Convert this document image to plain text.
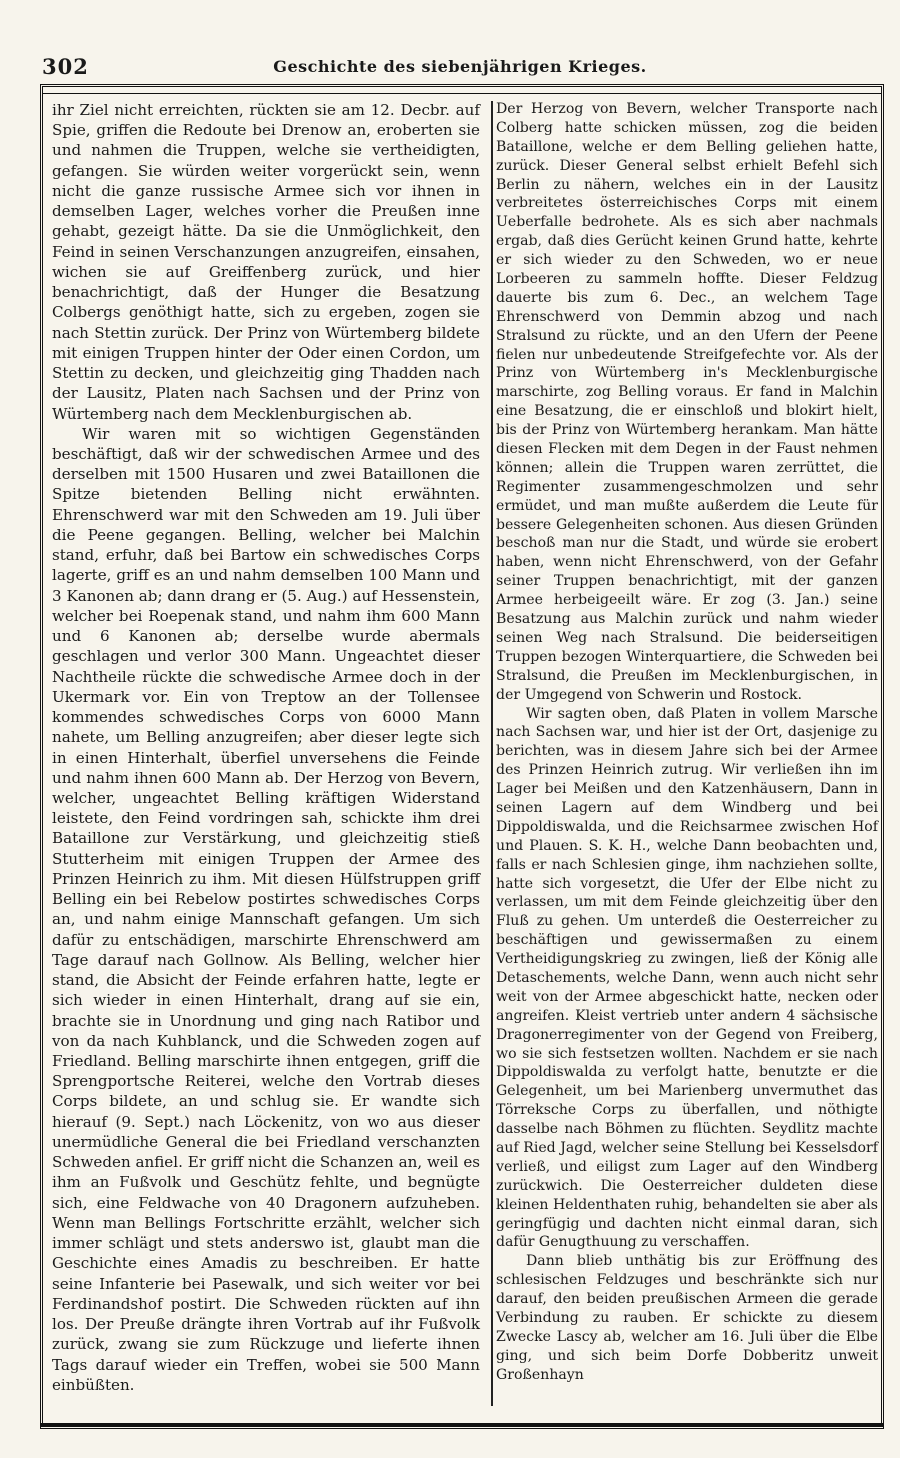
302	Geschichte des siebenjährigen Krieges.

ihr Ziel nicht erreichten, rückten sie am 12. Decbr. auf Spie, griffen die Redoute bei Drenow an, eroberten sie und nahmen die Truppen, welche sie vertheidigten, gefangen. Sie würden weiter vorgerückt sein, wenn nicht die ganze russische Armee sich vor ihnen in demselben Lager, welches vorher die Preußen inne gehabt, gezeigt hätte. Da sie die Unmöglichkeit, den Feind in seinen Verschanzungen anzugreifen, einsahen, wichen sie auf Greiffenberg zurück, und hier benachrichtigt, daß der Hunger die Besatzung Colbergs genöthigt hatte, sich zu ergeben, zogen sie nach Stettin zurück. Der Prinz von Würtemberg bildete mit einigen Truppen hinter der Oder einen Cordon, um Stettin zu decken, und gleichzeitig ging Thadden nach der Lausitz, Platen nach Sachsen und der Prinz von Würtemberg nach dem Mecklenburgischen ab.

Wir waren mit so wichtigen Gegenständen beschäftigt, daß wir der schwedischen Armee und des derselben mit 1500 Husaren und zwei Bataillonen die Spitze bietenden Belling nicht erwähnten. Ehrenschwerd war mit den Schweden am 19. Juli über die Peene gegangen. Belling, welcher bei Malchin stand, erfuhr, daß bei Bartow ein schwedisches Corps lagerte, griff es an und nahm demselben 100 Mann und 3 Kanonen ab; dann drang er (5. Aug.) auf Hessenstein, welcher bei Roepenak stand, und nahm ihm 600 Mann und 6 Kanonen ab; derselbe wurde abermals geschlagen und verlor 300 Mann. Ungeachtet dieser Nachtheile rückte die schwedische Armee doch in der Ukermark vor. Ein von Treptow an der Tollensee kommendes schwedisches Corps von 6000 Mann nahete, um Belling anzugreifen; aber dieser legte sich in einen Hinterhalt, überfiel unversehens die Feinde und nahm ihnen 600 Mann ab. Der Herzog von Bevern, welcher, ungeachtet Belling kräftigen Widerstand leistete, den Feind vordringen sah, schickte ihm drei Bataillone zur Verstärkung, und gleichzeitig stieß Stutterheim mit einigen Truppen der Armee des Prinzen Heinrich zu ihm. Mit diesen Hülfstruppen griff Belling ein bei Rebelow postirtes schwedisches Corps an, und nahm einige Mannschaft gefangen. Um sich dafür zu entschädigen, marschirte Ehrenschwerd am Tage darauf nach Gollnow. Als Belling, welcher hier stand, die Absicht der Feinde erfahren hatte, legte er sich wieder in einen Hinterhalt, drang auf sie ein, brachte sie in Unordnung und ging nach Ratibor und von da nach Kuhblanck, und die Schweden zogen auf Friedland. Belling marschirte ihnen entgegen, griff die Sprengportsche Reiterei, welche den Vortrab dieses Corps bildete, an und schlug sie. Er wandte sich hierauf (9. Sept.) nach Löckenitz, von wo aus dieser unermüdliche General die bei Friedland verschanzten Schweden anfiel. Er griff nicht die Schanzen an, weil es ihm an Fußvolk und Geschütz fehlte, und begnügte sich, eine Feldwache von 40 Dragonern aufzuheben. Wenn man Bellings Fortschritte erzählt, welcher sich immer schlägt und stets anderswo ist, glaubt man die Geschichte eines Amadis zu beschreiben. Er hatte seine Infanterie bei Pasewalk, und sich weiter vor bei Ferdinandshof postirt. Die Schweden rückten auf ihn los. Der Preuße drängte ihren Vortrab auf ihr Fußvolk zurück, zwang sie zum Rückzuge und lieferte ihnen Tags darauf wieder ein Treffen, wobei sie 500 Mann einbüßten.

Der Herzog von Bevern, welcher Transporte nach Colberg hatte schicken müssen, zog die beiden Bataillone, welche er dem Belling geliehen hatte, zurück. Dieser General selbst erhielt Befehl sich Berlin zu nähern, welches ein in der Lausitz verbreitetes österreichisches Corps mit einem Ueberfalle bedrohete. Als es sich aber nachmals ergab, daß dies Gerücht keinen Grund hatte, kehrte er sich wieder zu den Schweden, wo er neue Lorbeeren zu sammeln hoffte. Dieser Feldzug dauerte bis zum 6. Dec., an welchem Tage Ehrenschwerd von Demmin abzog und nach Stralsund zu rückte, und an den Ufern der Peene fielen nur unbedeutende Streifgefechte vor. Als der Prinz von Würtemberg in's Mecklenburgische marschirte, zog Belling voraus. Er fand in Malchin eine Besatzung, die er einschloß und blokirt hielt, bis der Prinz von Würtemberg herankam. Man hätte diesen Flecken mit dem Degen in der Faust nehmen können; allein die Truppen waren zerrüttet, die Regimenter zusammengeschmolzen und sehr ermüdet, und man mußte außerdem die Leute für bessere Gelegenheiten schonen. Aus diesen Gründen beschoß man nur die Stadt, und würde sie erobert haben, wenn nicht Ehrenschwerd, von der Gefahr seiner Truppen benachrichtigt, mit der ganzen Armee herbeigeeilt wäre. Er zog (3. Jan.) seine Besatzung aus Malchin zurück und nahm wieder seinen Weg nach Stralsund. Die beiderseitigen Truppen bezogen Winterquartiere, die Schweden bei Stralsund, die Preußen im Mecklenburgischen, in der Umgegend von Schwerin und Rostock.

Wir sagten oben, daß Platen in vollem Marsche nach Sachsen war, und hier ist der Ort, dasjenige zu berichten, was in diesem Jahre sich bei der Armee des Prinzen Heinrich zutrug. Wir verließen ihn im Lager bei Meißen und den Katzenhäusern, Dann in seinen Lagern auf dem Windberg und bei Dippoldiswalda, und die Reichsarmee zwischen Hof und Plauen. S. K. H., welche Dann beobachten und, falls er nach Schlesien ginge, ihm nachziehen sollte, hatte sich vorgesetzt, die Ufer der Elbe nicht zu verlassen, um mit dem Feinde gleichzeitig über den Fluß zu gehen. Um unterdeß die Oesterreicher zu beschäftigen und gewissermaßen zu einem Vertheidigungskrieg zu zwingen, ließ der König alle Detaschements, welche Dann, wenn auch nicht sehr weit von der Armee abgeschickt hatte, necken oder angreifen. Kleist vertrieb unter andern 4 sächsische Dragonerregimenter von der Gegend von Freiberg, wo sie sich festsetzen wollten. Nachdem er sie nach Dippoldiswalda zu verfolgt hatte, benutzte er die Gelegenheit, um bei Marienberg unvermuthet das Törreksche Corps zu überfallen, und nöthigte dasselbe nach Böhmen zu flüchten. Seydlitz machte auf Ried Jagd, welcher seine Stellung bei Kesselsdorf verließ, und eiligst zum Lager auf den Windberg zurückwich. Die Oesterreicher duldeten diese kleinen Heldenthaten ruhig, behandelten sie aber als geringfügig und dachten nicht einmal daran, sich dafür Genugthuung zu verschaffen.

Dann blieb unthätig bis zur Eröffnung des schlesischen Feldzuges und beschränkte sich nur darauf, den beiden preußischen Armeen die gerade Verbindung zu rauben. Er schickte zu diesem Zwecke Lascy ab, welcher am 16. Juli über die Elbe ging, und sich beim Dorfe Dobberitz unweit Großenhayn
